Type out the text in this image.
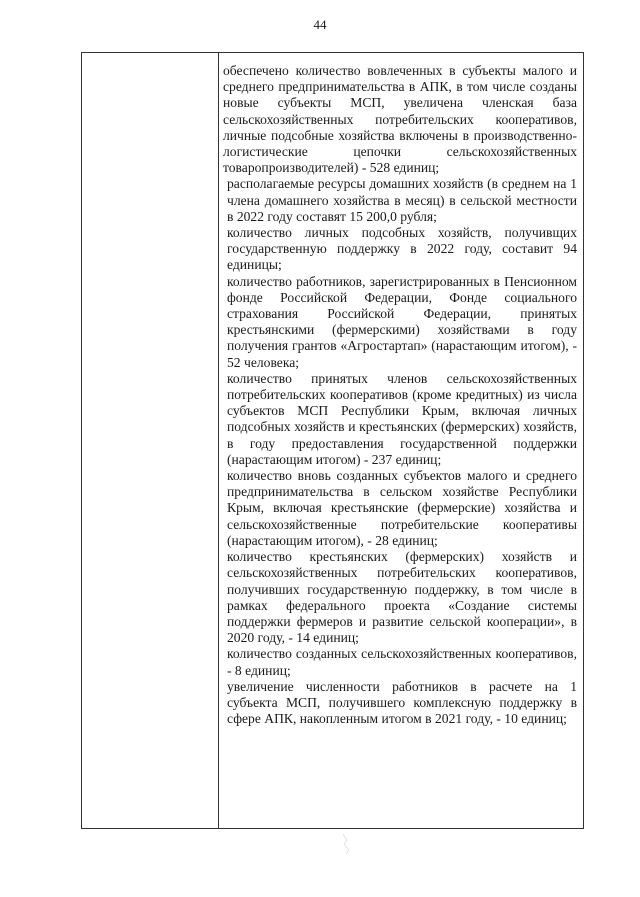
44

обеспечено количество вовлеченных в субъекты малого и среднего предпринимательства в АПК, в том числе созданы новые субъекты МСП, увеличена членская база сельскохозяйственных потребительских кооперативов, личные подсобные хозяйства включены в производственно-логистические цепочки сельскохозяйственных товаропроизводителей) - 528 единиц;

располагаемые ресурсы домашних хозяйств (в среднем на 1 члена домашнего хозяйства в месяц) в сельской местности в 2022 году составят 15 200,0 рубля;

количество личных подсобных хозяйств, получивщих государственную поддержку в 2022 году, составит 94 единицы;

количество работников, зарегистрированных в Пенсионном фонде Российской Федерации, Фонде социального страхования Российской Федерации, принятых крестьянскими (фермерскими) хозяйствами в году получения грантов «Агростартап» (нарастающим итогом), - 52 человека;

количество принятых членов сельскохозяйственных потребительских кооперативов (кроме кредитных) из числа субъектов МСП Республики Крым, включая личных подсобных хозяйств и крестьянских (фермерских) хозяйств, в году предоставления государственной поддержки (нарастающим итогом) - 237 единиц;

количество вновь созданных субъектов малого и среднего предпринимательства в сельском хозяйстве Республики Крым, включая крестьянские (фермерские) хозяйства и сельскохозяйственные потребительские кооперативы (нарастающим итогом), - 28 единиц;

количество крестьянских (фермерских) хозяйств и сельскохозяйственных потребительских кооперативов, получивших государственную поддержку, в том числе в рамках федерального проекта «Создание системы поддержки фермеров и развитие сельской кооперации», в 2020 году, - 14 единиц;

количество созданных сельскохозяйственных кооперативов, - 8 единиц;

увеличение численности работников в расчете на 1 субъекта МСП, получившего комплексную поддержку в сфере АПК, накопленным итогом в 2021 году, - 10 единиц;
